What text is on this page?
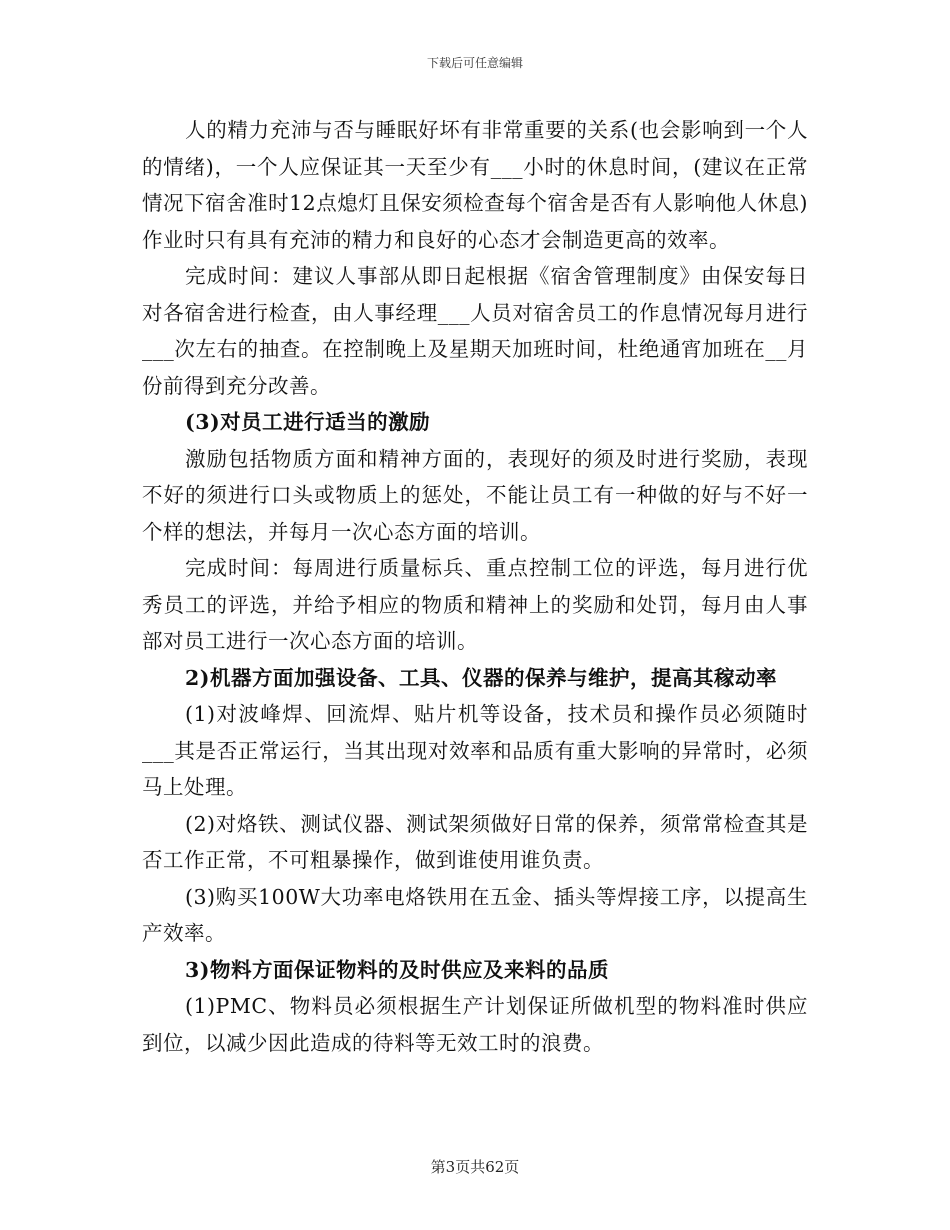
下载后可任意编辑

人的精力充沛与否与睡眠好坏有非常重要的关系(也会影响到一个人的情绪)，一个人应保证其一天至少有___小时的休息时间，(建议在正常情况下宿舍准时12点熄灯且保安须检查每个宿舍是否有人影响他人休息)作业时只有具有充沛的精力和良好的心态才会制造更高的效率。

完成时间：建议人事部从即日起根据《宿舍管理制度》由保安每日对各宿舍进行检查，由人事经理___人员对宿舍员工的作息情况每月进行___次左右的抽查。在控制晚上及星期天加班时间，杜绝通宵加班在__月份前得到充分改善。

(3)对员工进行适当的激励

激励包括物质方面和精神方面的，表现好的须及时进行奖励，表现不好的须进行口头或物质上的惩处，不能让员工有一种做的好与不好一个样的想法，并每月一次心态方面的培训。

完成时间：每周进行质量标兵、重点控制工位的评选，每月进行优秀员工的评选，并给予相应的物质和精神上的奖励和处罚，每月由人事部对员工进行一次心态方面的培训。

2)机器方面加强设备、工具、仪器的保养与维护，提高其稼动率

(1)对波峰焊、回流焊、贴片机等设备，技术员和操作员必须随时___其是否正常运行，当其出现对效率和品质有重大影响的异常时，必须马上处理。

(2)对烙铁、测试仪器、测试架须做好日常的保养，须常常检查其是否工作正常，不可粗暴操作，做到谁使用谁负责。

(3)购买100W大功率电烙铁用在五金、插头等焊接工序，以提高生产效率。

3)物料方面保证物料的及时供应及来料的品质

(1)PMC、物料员必须根据生产计划保证所做机型的物料准时供应到位，以减少因此造成的待料等无效工时的浪费。

第3页共62页
